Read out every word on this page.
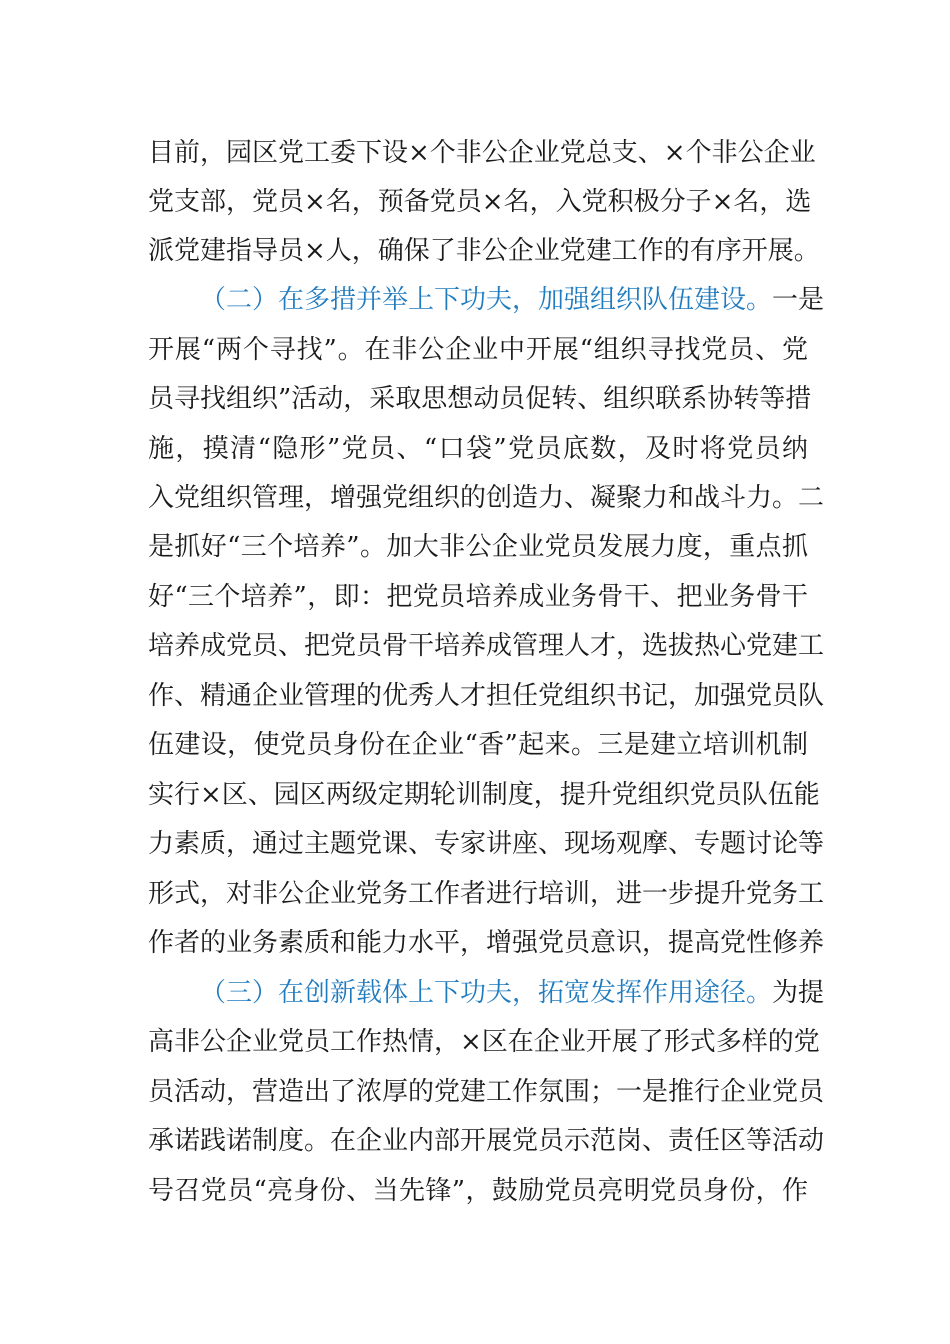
目前，园区党工委下设×个非公企业党总支、×个非公企业
党支部，党员×名，预备党员×名，入党积极分子×名，选
派党建指导员×人，确保了非公企业党建工作的有序开展。
（二）在多措并举上下功夫，加强组织队伍建设。一是
开展“两个寻找”。在非公企业中开展“组织寻找党员、党
员寻找组织”活动，采取思想动员促转、组织联系协转等措
施，摸清“隐形”党员、“口袋”党员底数，及时将党员纳
入党组织管理，增强党组织的创造力、凝聚力和战斗力。二
是抓好“三个培养”。加大非公企业党员发展力度，重点抓
好“三个培养”，即：把党员培养成业务骨干、把业务骨干
培养成党员、把党员骨干培养成管理人才，选拔热心党建工
作、精通企业管理的优秀人才担任党组织书记，加强党员队
伍建设，使党员身份在企业“香”起来。三是建立培训机制
实行×区、园区两级定期轮训制度，提升党组织党员队伍能
力素质，通过主题党课、专家讲座、现场观摩、专题讨论等
形式，对非公企业党务工作者进行培训，进一步提升党务工
作者的业务素质和能力水平，增强党员意识，提高党性修养
（三）在创新载体上下功夫，拓宽发挥作用途径。为提
高非公企业党员工作热情，×区在企业开展了形式多样的党
员活动，营造出了浓厚的党建工作氛围；一是推行企业党员
承诺践诺制度。在企业内部开展党员示范岗、责任区等活动
号召党员“亮身份、当先锋”，鼓励党员亮明党员身份，作
